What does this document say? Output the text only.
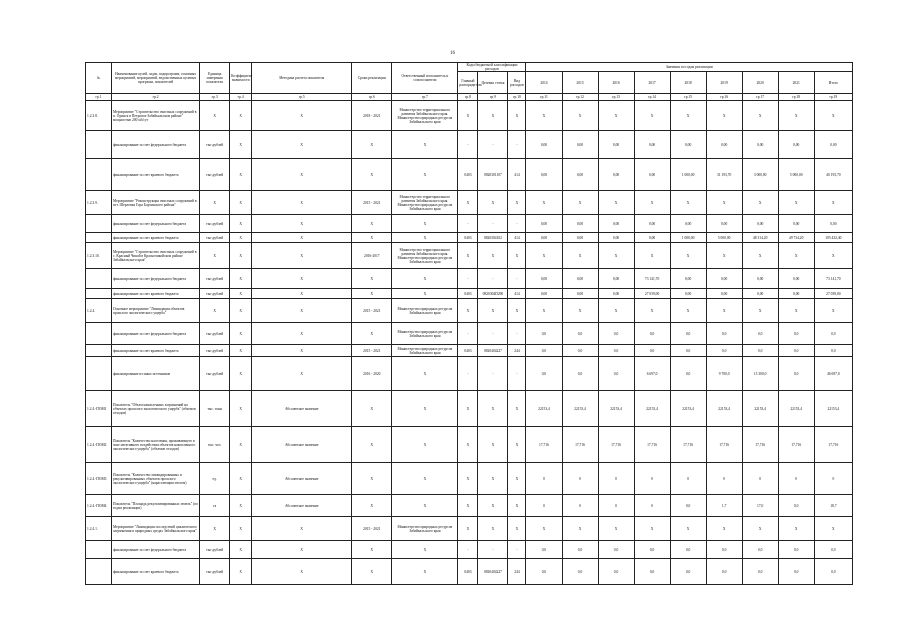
16
№	Наименование целей, задач, подпрограмм, основных мероприятий, мероприятий, ведомственных целевых программ, показателей	Единица измерения показателя	Коэффициент значимости	Методика расчета показателя	Сроки реализации	Ответственный исполнитель и соисполнители	Коды бюджетной классификации расходов			Значения по годам реализации								
							Главный распорядитель	Целевая статья	Вид расходов	2014	2015	2016	2017	2018	2019	2020	2021	Итого
гр.1	гр.2	гр.3	гр.4	гр.5	гр.6	гр.7	гр.8	гр.9	гр.10	гр.11	гр.12	гр.13	гр.14	гр.15	гр.16	гр.17	гр.18	гр.19
1.2.3.8.	Мероприятие "Строительство очистных сооружений в п. Одинск в Петровск-Забайкальском районе" мощностью 200 м3/сут	X	X	X	2018 - 2021	Министерство территориального развития Забайкальского края. Министерство природных ресурсов Забайкальского края	X	X	X	X	X	X	X	X	X	X	X	X
	финансирование за счет федерального бюджета	тыс.рублей	X	X	X	X	-	-	-	0,00	0,00	0,00	0,00	0,00	0,00	0,00	0,00	0,00
	финансирование за счет краевого бюджета	тыс.рублей	X	X	X	X	0403	0820301107	414	0,00	0,00	0,00	0,00	1 000,00	31 193,70	3 000,00	5 000,00	40 193,70
1.2.3.9.	Мероприятие "Реконструкция очистных сооружений в пгт. Шерловая Гора Борзинского района"	X	X	X	2015 - 2021	Министерство территориального развития Забайкальского края. Министерство природных ресурсов Забайкальского края	X	X	X	X	X	X	X	X	X	X	X	X
	финансирование за счет федерального бюджета	тыс.рублей	X	X	X	X	-	-	-	0,00	0,00	0,00	0,00	0,00	0,00	0,00	0,00	0,00
	финансирование за счет краевого бюджета	тыс.рублей	X	X	X	X	0403	0820304102	414	0,00	0,00	0,00	0,00	1 000,00	5 000,00	48 314,20	49 734,20	105 432,40
1.2.3.10.	Мероприятие "Строительство очистных сооружений в с. Красный Чикой в Красночикойском районе Забайкальского края"	X	X	X	2016-2017	Министерство территориального развития Забайкальского края. Министерство природных ресурсов Забайкальского края	X	X	X	X	X	X	X	X	X	X	X	X
	финансирование за счет федерального бюджета	тыс.рублей	X	X	X	X	-	-	-	0,00	0,00	0,00	73 141,70	0,00	0,00	0,00	0,00	73 141,70
	финансирование за счет краевого бюджета	тыс.рублей	X	X	X	X	0403	0820304D290	414	0,00	0,00	0,00	27 039,00	0,00	0,00	0,00	0,00	27 039,00
1.2.4.	Основное мероприятие "Ликвидация объектов прошлого экологического ущерба"	X	X	X	2015 - 2021	Министерство природных ресурсов Забайкальского края	X	X	X	X	X	X	X	X	X	X	X	X
	финансирование за счет федерального бюджета	тыс.рублей	X	X	X	Министерство природных ресурсов Забайкальского края	-	-	-	0,0	0,0	0,0	0,0	0,0	0,0	0,0	0,0	0,0
	финансирование за счет краевого бюджета	тыс.рублей	X	X	2015 - 2021	Министерство природных ресурсов Забайкальского края	0403	0820404227	244	0,0	0,0	0,0	0,0	0,0	0,0	0,0	0,0	0,0
	финансирование из иных источников	тыс.рублей	X	X	2016 - 2020	X	-	-	-	0,0	0,0	0,0	6 697,0	0,0	9 700,0	13 300,0	0,0	46 697,0
1.2.4.-ПОМ1	Показатель "Объем накопленных загрязнений на объектах прошлого экологического ущерба" (объемов отходов)	тыс. тонн	X	Абсолютное значение	X	X	X	X	X	22153,4	22153,4	22153,4	22153,4	22153,4	22153,4	22153,4	22153,4	22153,4
1.2.4.-ПОМ2	Показатель "Количество населения, проживающего в зоне негативного воздействия объектов накопленного экологического ущерба" (объемов отходов)	тыс. чел.	X	Абсолютное значение	X	X	X	X	X	17,716	17,716	17,716	17,716	17,716	17,716	17,716	17,716	17,716
1.2.4.-ПОМ3	Показатель "Количество ликвидированных и рекультивированных объектов прошлого экологического ущерба" (нарастающим итогом)	ед.	X	Абсолютное значение	X	X	X	X	X	0	0	0	0	0	0	0	0	0
1.2.4.-ПОМ4	Показатель "Площадь рекультивированных земель" (по годам реализации)	га	X	Абсолютное значение	X	X	X	X	X	0	0	0	0	0,0	1,7	17,0	0,0	18,7
1.2.4.1.	Мероприятие "Ликвидация последствий циклического загрязнения в природных средах Забайкальского края"	X	X	X	2015 - 2021	Министерство природных ресурсов Забайкальского края	X	X	X	X	X	X	X	X	X	X	X	X
	финансирование за счет федерального бюджета	тыс.рублей	X	X	X	X	-	-	-	0,0	0,0	0,0	0,0	0,0	0,0	0,0	0,0	0,0
	финансирование за счет краевого бюджета	тыс.рублей	X	X	X	X	0403	0820404227	244	0,0	0,0	0,0	0,0	0,0	0,0	0,0	0,0	0,0
